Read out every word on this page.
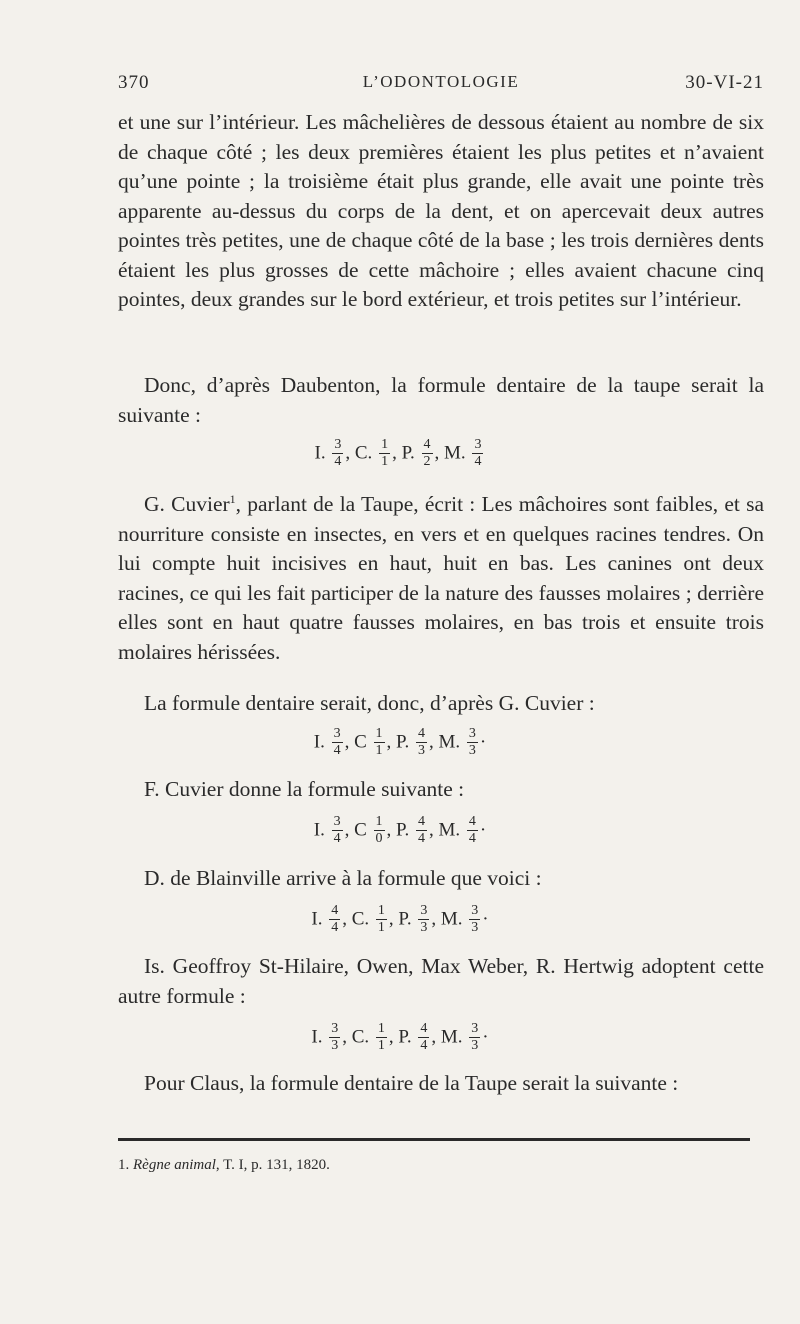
370	L’ODONTOLOGIE	30-VI-21

et une sur l’intérieur. Les mâchelières de dessous étaient au nombre de six de chaque côté ; les deux premières étaient les plus petites et n’avaient qu’une pointe ; la troisième était plus grande, elle avait une pointe très apparente au-dessus du corps de la dent, et on apercevait deux autres pointes très petites, une de chaque côté de la base ; les trois dernières dents étaient les plus grosses de cette mâchoire ; elles avaient chacune cinq pointes, deux grandes sur le bord extérieur, et trois petites sur l’intérieur.

Donc, d’après Daubenton, la formule dentaire de la taupe serait la suivante :

I. $\frac{3}{4}$ , C. $\frac{1}{1}$ , P. $\frac{4}{2}$ , M. $\frac{3}{4}$

G. Cuvier$^1$, parlant de la Taupe, écrit : Les mâchoires sont faibles, et sa nourriture consiste en insectes, en vers et en quelques racines tendres. On lui compte huit incisives en haut, huit en bas. Les canines ont deux racines, ce qui les fait participer de la nature des fausses molaires ; derrière elles sont en haut quatre fausses molaires, en bas trois et ensuite trois molaires hérissées.

La formule dentaire serait, donc, d’après G. Cuvier :

I. $\frac{3}{4}$ , C $\frac{1}{1}$ , P. $\frac{4}{3}$ , M. $\frac{3}{3}$ ·

F. Cuvier donne la formule suivante :

I. $\frac{3}{4}$ , C $\frac{1}{0}$ , P. $\frac{4}{4}$ , M. $\frac{4}{4}$ ·

D. de Blainville arrive à la formule que voici :

I. $\frac{4}{4}$ , C. $\frac{1}{1}$ , P. $\frac{3}{3}$ , M. $\frac{3}{3}$ ·

Is. Geoffroy St-Hilaire, Owen, Max Weber, R. Hertwig adoptent cette autre formule :

I. $\frac{3}{3}$ , C. $\frac{1}{1}$ , P. $\frac{4}{4}$ , M. $\frac{3}{3}$ ·

Pour Claus, la formule dentaire de la Taupe serait la suivante :

1. Règne animal, T. I, p. 131, 1820.
